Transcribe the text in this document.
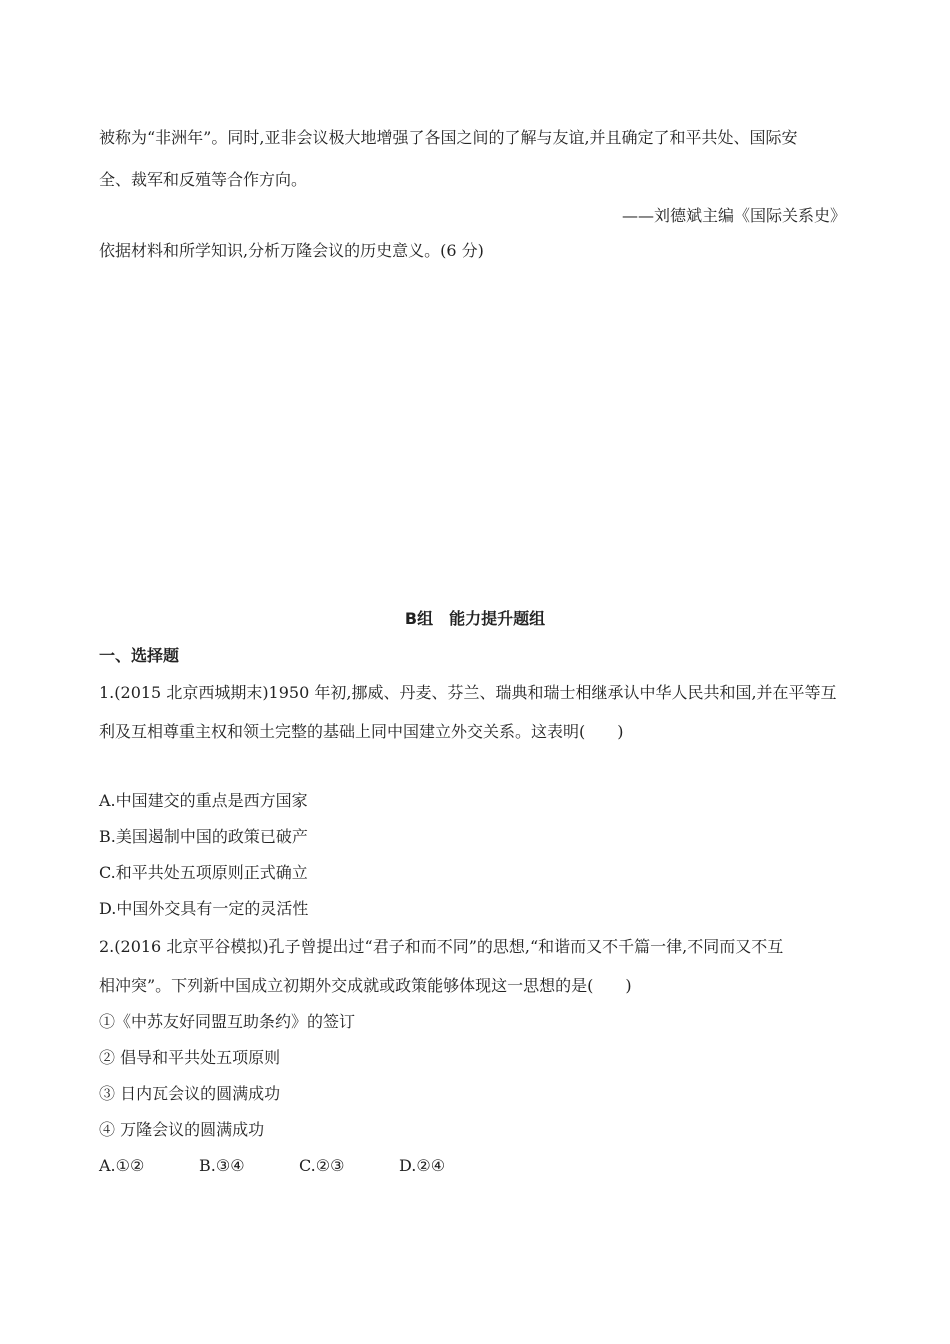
被称为“非洲年”。同时,亚非会议极大地增强了各国之间的了解与友谊,并且确定了和平共处、国际安
全、裁军和反殖等合作方向。
——刘德斌主编《国际关系史》
依据材料和所学知识,分析万隆会议的历史意义。(6 分)
B组　能力提升题组
一、选择题
1.(2015 北京西城期末)1950 年初,挪威、丹麦、芬兰、瑞典和瑞士相继承认中华人民共和国,并在平等互
利及互相尊重主权和领土完整的基础上同中国建立外交关系。这表明(　　)
A.中国建交的重点是西方国家
B.美国遏制中国的政策已破产
C.和平共处五项原则正式确立
D.中国外交具有一定的灵活性
2.(2016 北京平谷模拟)孔子曾提出过“君子和而不同”的思想,“和谐而又不千篇一律,不同而又不互
相冲突”。下列新中国成立初期外交成就或政策能够体现这一思想的是(　　)
①《中苏友好同盟互助条约》的签订
② 倡导和平共处五项原则
③ 日内瓦会议的圆满成功
④ 万隆会议的圆满成功
A.①②	B.③④	C.②③	D.②④
